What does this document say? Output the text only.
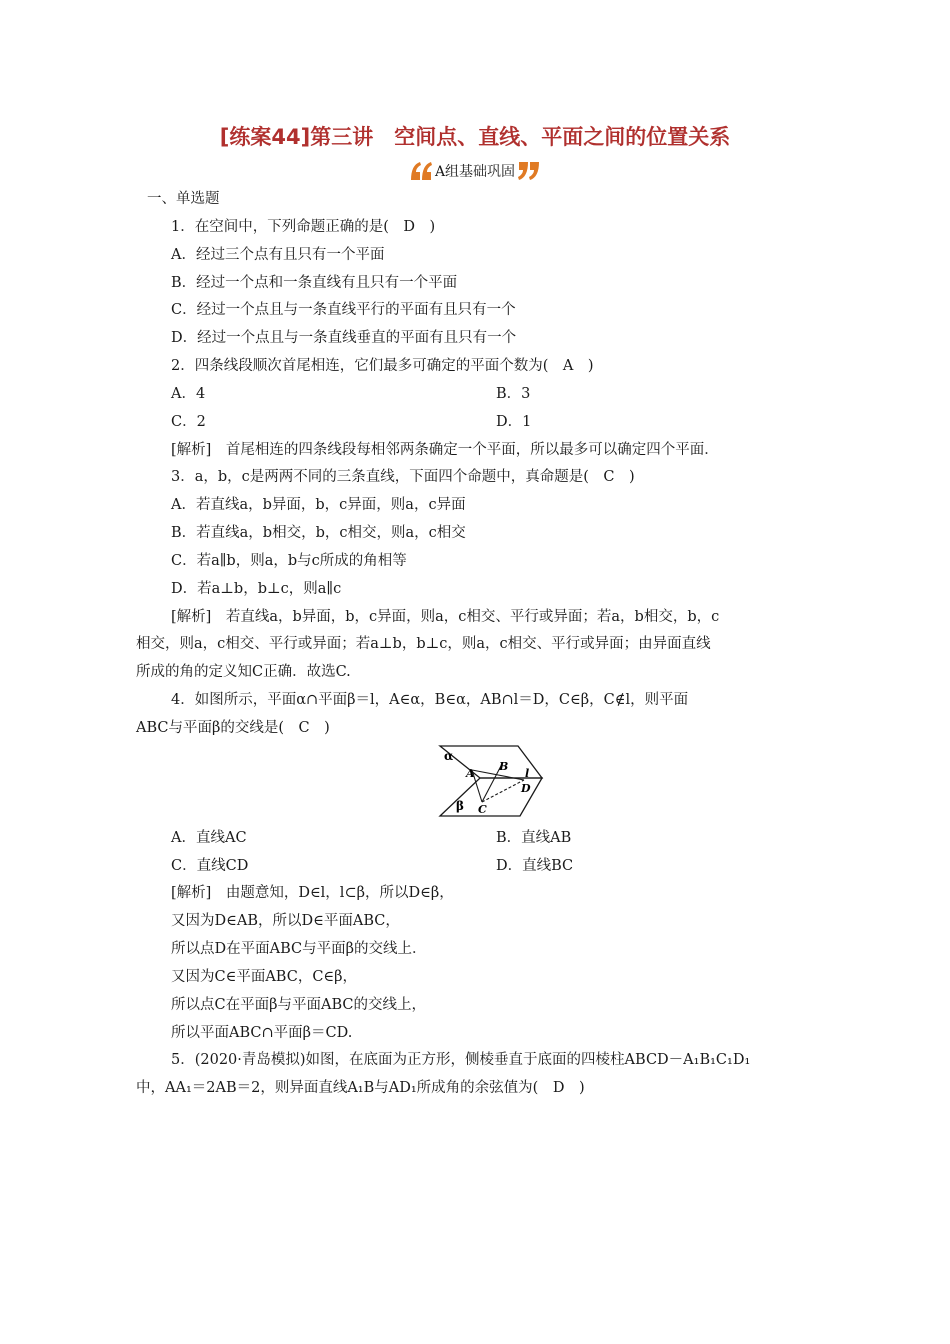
[练案44]第三讲　空间点、直线、平面之间的位置关系
A组基础巩固
一、单选题
1．在空间中，下列命题正确的是(　D　)
A．经过三个点有且只有一个平面
B．经过一个点和一条直线有且只有一个平面
C．经过一个点且与一条直线平行的平面有且只有一个
D．经过一个点且与一条直线垂直的平面有且只有一个
2．四条线段顺次首尾相连，它们最多可确定的平面个数为(　A　)
A．4	B．3
C．2	D．1
[解析]　首尾相连的四条线段每相邻两条确定一个平面，所以最多可以确定四个平面．
3．a，b，c是两两不同的三条直线，下面四个命题中，真命题是(　C　)
A．若直线a，b异面，b，c异面，则a，c异面
B．若直线a，b相交，b，c相交，则a，c相交
C．若a∥b，则a，b与c所成的角相等
D．若a⊥b，b⊥c，则a∥c
[解析]　若直线a，b异面，b，c异面，则a，c相交、平行或异面；若a，b相交，b，c
相交，则a，c相交、平行或异面；若a⊥b，b⊥c，则a，c相交、平行或异面；由异面直线
所成的角的定义知C正确．故选C.
4．如图所示，平面α∩平面β＝l，A∈α，B∈α，AB∩l＝D，C∈β，C∉l，则平面
ABC与平面β的交线是(　C　)
α
A
B
l
D
β C
A．直线AC	B．直线AB
C．直线CD	D．直线BC
[解析]　由题意知，D∈l，l⊂β，所以D∈β，
又因为D∈AB，所以D∈平面ABC，
所以点D在平面ABC与平面β的交线上．
又因为C∈平面ABC，C∈β，
所以点C在平面β与平面ABC的交线上，
所以平面ABC∩平面β＝CD.
5．(2020·青岛模拟)如图，在底面为正方形，侧棱垂直于底面的四棱柱ABCD－A₁B₁C₁D₁
中，AA₁＝2AB＝2，则异面直线A₁B与AD₁所成角的余弦值为(　D　)
